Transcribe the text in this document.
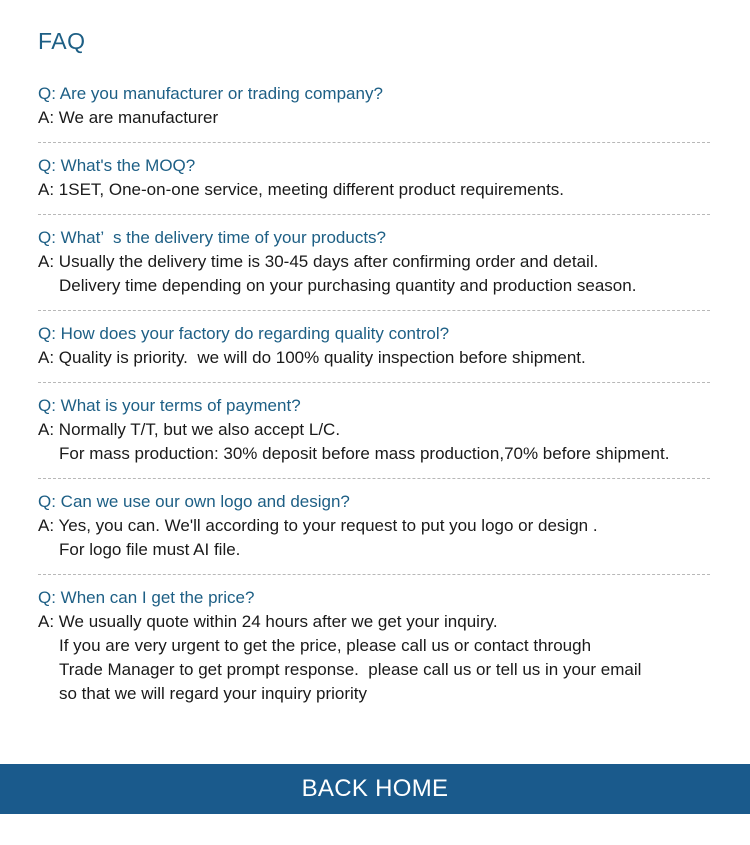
FAQ
Q: Are you manufacturer or trading company?
A: We are manufacturer
Q: What's the MOQ?
A: 1SET, One-on-one service, meeting different product requirements.
Q: What’  s the delivery time of your products?
A: Usually the delivery time is 30-45 days after confirming order and detail.
Delivery time depending on your purchasing quantity and production season.
Q: How does your factory do regarding quality control?
A: Quality is priority.  we will do 100% quality inspection before shipment.
Q: What is your terms of payment?
A: Normally T/T, but we also accept L/C.
For mass production: 30% deposit before mass production,70% before shipment.
Q: Can we use our own logo and design?
A: Yes, you can. We'll according to your request to put you logo or design .
For logo file must AI file.
Q: When can I get the price?
A: We usually quote within 24 hours after we get your inquiry.
If you are very urgent to get the price, please call us or contact through
Trade Manager to get prompt response.  please call us or tell us in your email
so that we will regard your inquiry priority
BACK HOME
